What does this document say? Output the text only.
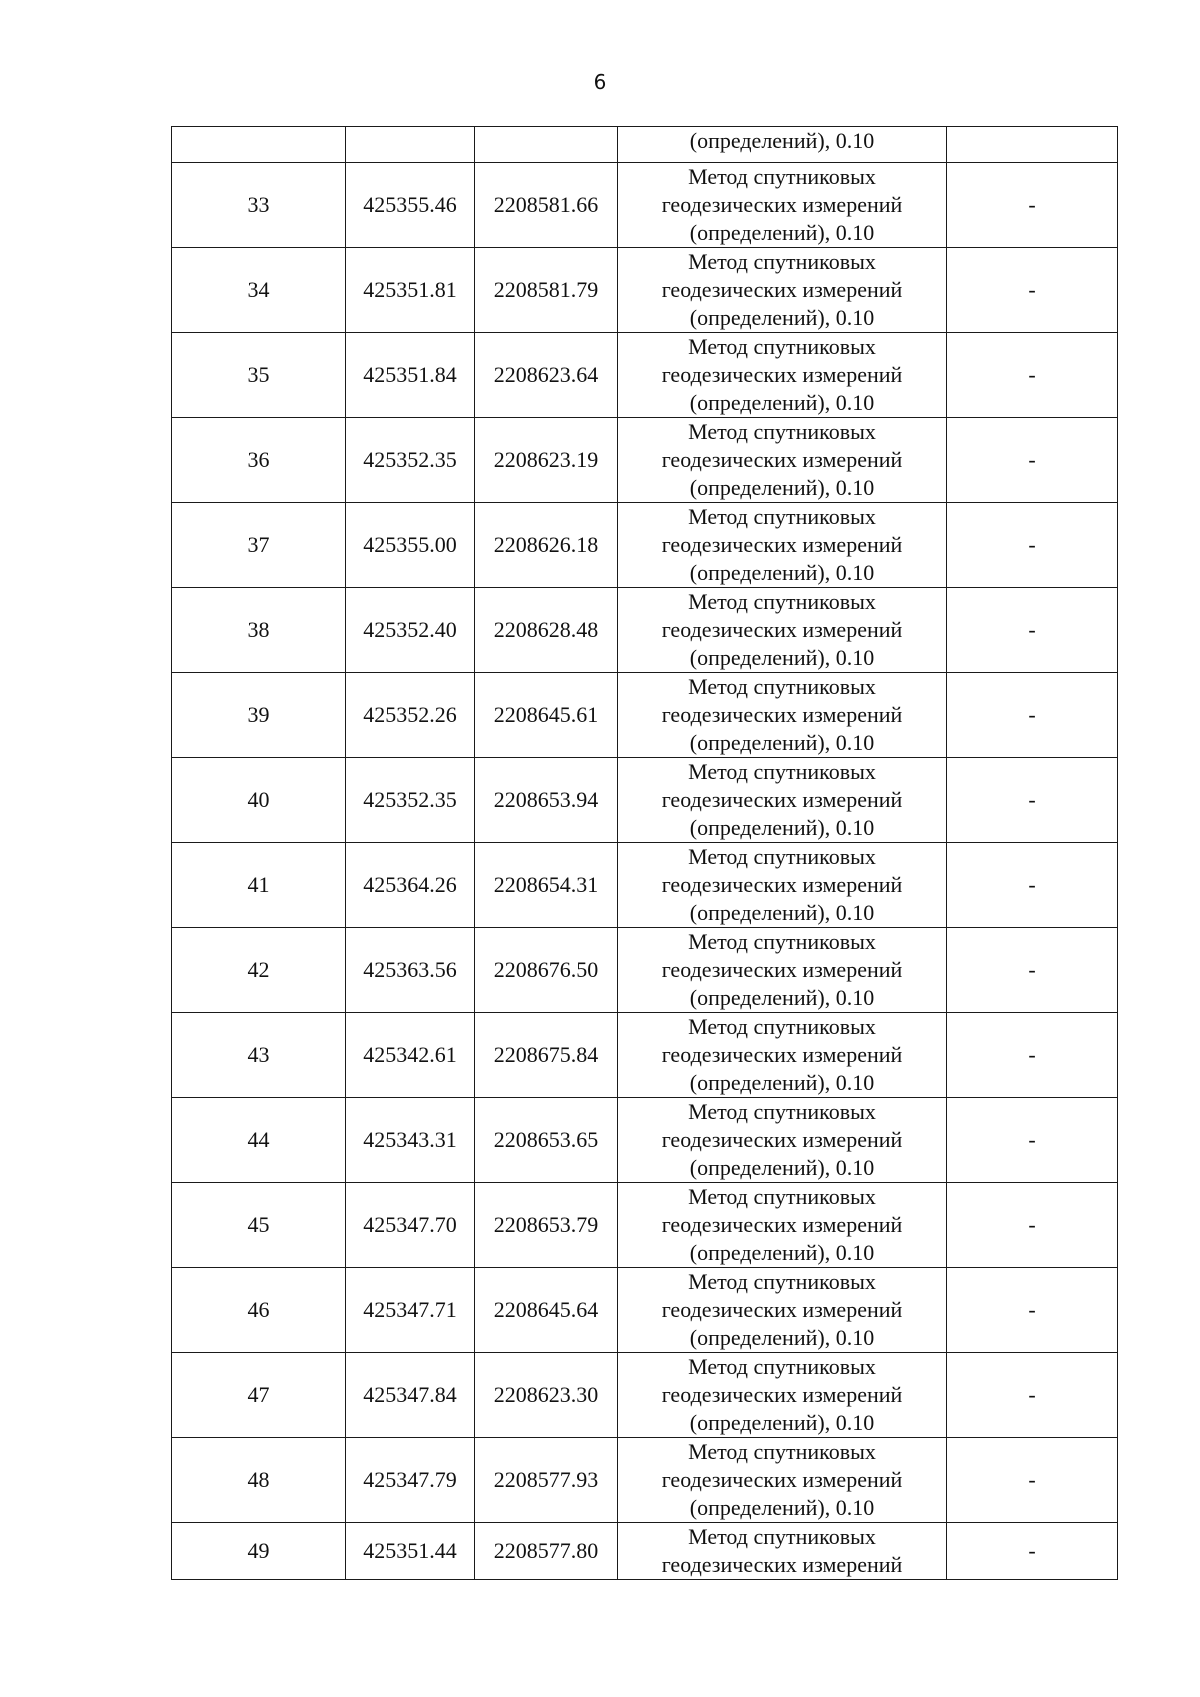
6

			(определений), 0.10	

33	425355.46	2208581.66	Метод спутниковых
геодезических измерений
(определений), 0.10	-
34	425351.81	2208581.79	Метод спутниковых
геодезических измерений
(определений), 0.10	-
35	425351.84	2208623.64	Метод спутниковых
геодезических измерений
(определений), 0.10	-
36	425352.35	2208623.19	Метод спутниковых
геодезических измерений
(определений), 0.10	-
37	425355.00	2208626.18	Метод спутниковых
геодезических измерений
(определений), 0.10	-
38	425352.40	2208628.48	Метод спутниковых
геодезических измерений
(определений), 0.10	-
39	425352.26	2208645.61	Метод спутниковых
геодезических измерений
(определений), 0.10	-
40	425352.35	2208653.94	Метод спутниковых
геодезических измерений
(определений), 0.10	-
41	425364.26	2208654.31	Метод спутниковых
геодезических измерений
(определений), 0.10	-
42	425363.56	2208676.50	Метод спутниковых
геодезических измерений
(определений), 0.10	-
43	425342.61	2208675.84	Метод спутниковых
геодезических измерений
(определений), 0.10	-
44	425343.31	2208653.65	Метод спутниковых
геодезических измерений
(определений), 0.10	-
45	425347.70	2208653.79	Метод спутниковых
геодезических измерений
(определений), 0.10	-
46	425347.71	2208645.64	Метод спутниковых
геодезических измерений
(определений), 0.10	-
47	425347.84	2208623.30	Метод спутниковых
геодезических измерений
(определений), 0.10	-
48	425347.79	2208577.93	Метод спутниковых
геодезических измерений
(определений), 0.10	-
49	425351.44	2208577.80	Метод спутниковых
геодезических измерений	-
